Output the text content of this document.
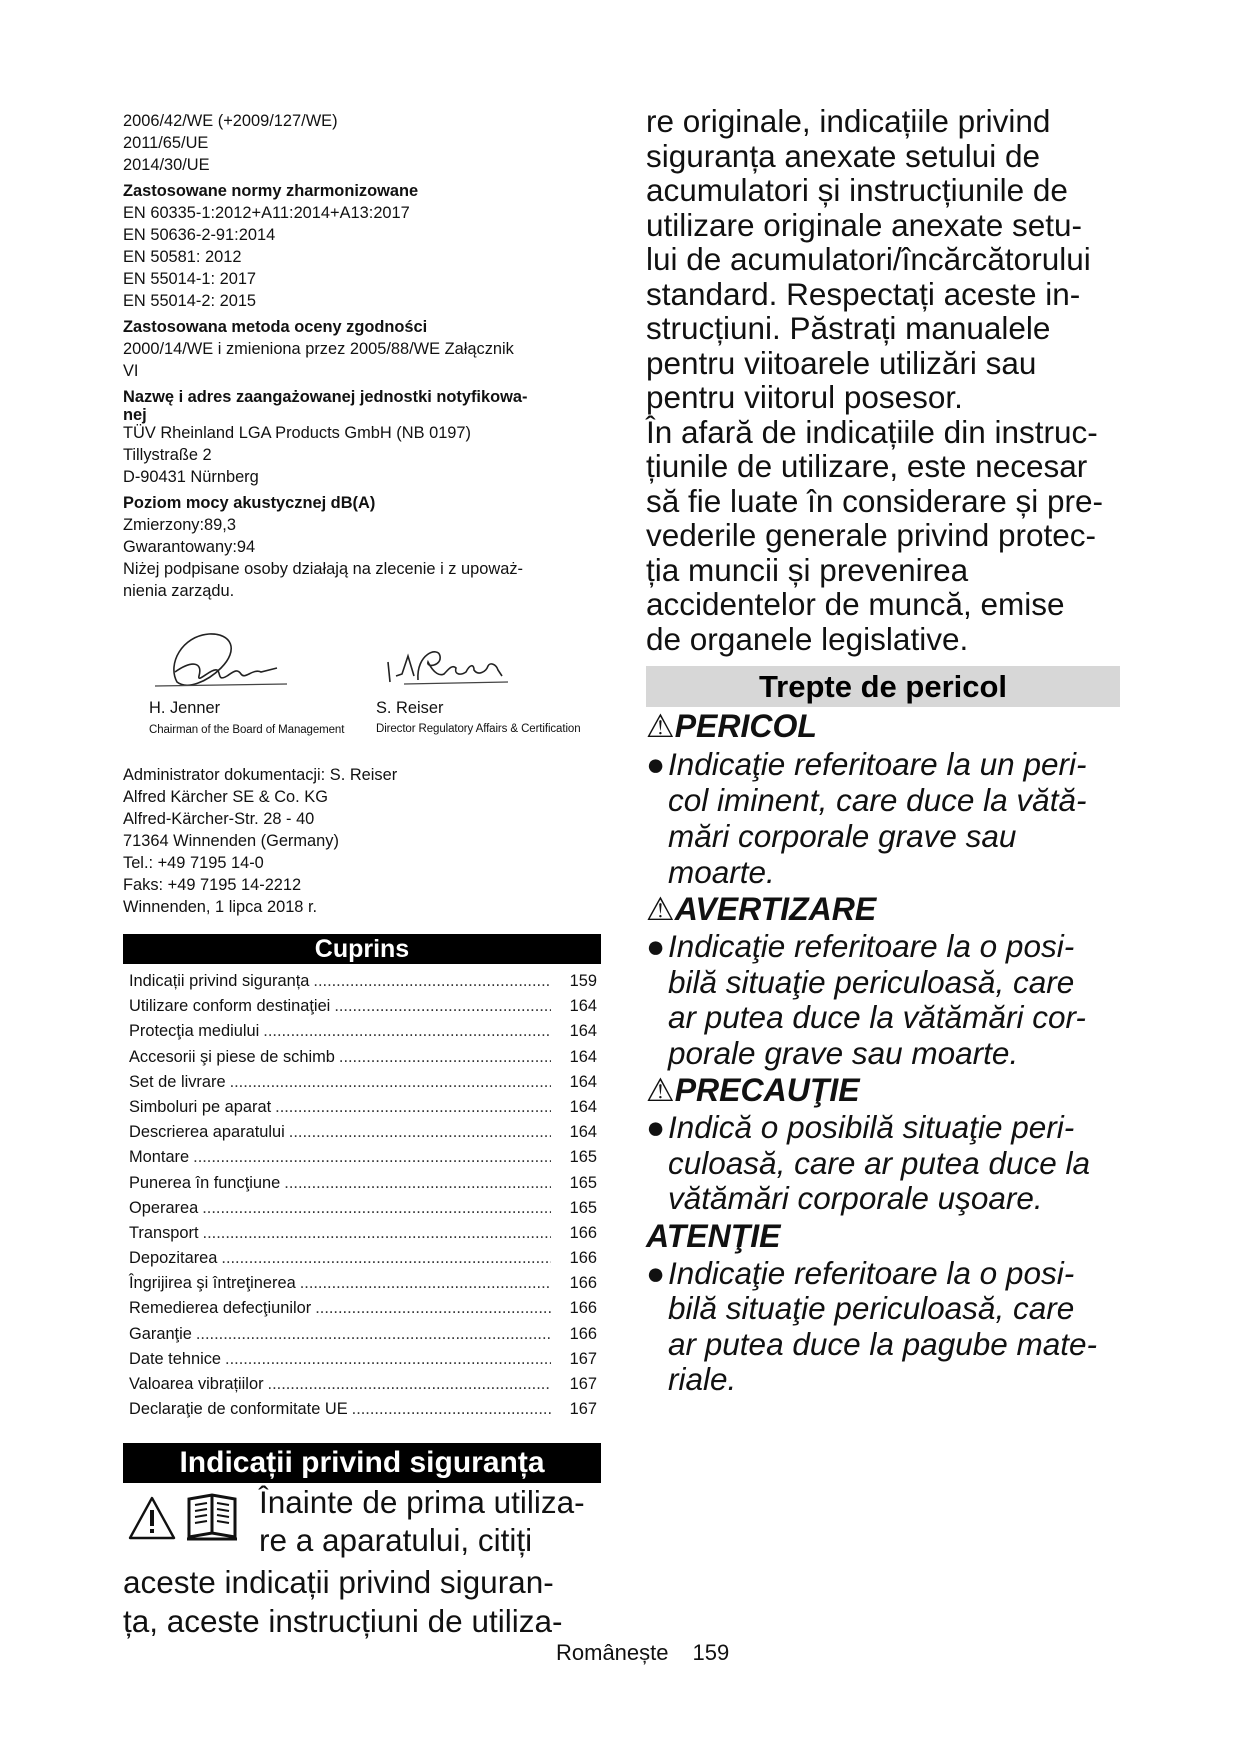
2006/42/WE (+2009/127/WE)

2011/65/UE

2014/30/UE

Zastosowane normy zharmonizowane

EN 60335-1:2012+A11:2014+A13:2017

EN 50636-2-91:2014

EN 50581: 2012

EN 55014-1: 2017

EN 55014-2: 2015

Zastosowana metoda oceny zgodności

2000/14/WE i zmieniona przez 2005/88/WE Załącznik

VI

Nazwę i adres zaangażowanej jednostki notyfikowa-

nej

TÜV Rheinland LGA Products GmbH (NB 0197)

Tillystraße 2

D-90431 Nürnberg

Poziom mocy akustycznej dB(A)

Zmierzony:89,3

Gwarantowany:94

Niżej podpisane osoby działają na zlecenie i z upoważ-

nienia zarządu.

H. Jenner
Chairman of the Board of Management
S. Reiser
Director Regulatory Affairs & Certification

Administrator dokumentacji: S. Reiser

Alfred Kärcher SE & Co. KG

Alfred-Kärcher-Str. 28 - 40

71364 Winnenden (Germany)

Tel.: +49 7195 14-0

Faks: +49 7195 14-2212

Winnenden, 1 lipca 2018 r.

Cuprins
Indicații privind siguranța .....	159
Utilizare conform destinaţiei .....	164
Protecţia mediului .....	164
Accesorii şi piese de schimb .....	164
Set de livrare .....	164
Simboluri pe aparat .....	164
Descrierea aparatului .....	164
Montare .....	165
Punerea în funcţiune .....	165
Operarea .....	165
Transport .....	166
Depozitarea .....	166
Îngrijirea şi întreţinerea .....	166
Remedierea defecţiunilor .....	166
Garanţie .....	166
Date tehnice .....	167
Valoarea vibrațiilor .....	167
Declaraţie de conformitate UE .....	167
Indicații privind siguranța

Înainte de prima utiliza-

re a aparatului, citiți

aceste indicații privind siguran-

ța, aceste instrucțiuni de utiliza-

re originale, indicațiile privind

siguranța anexate setului de

acumulatori și instrucțiunile de

utilizare originale anexate setu-

lui de acumulatori/încărcătorului

standard. Respectați aceste in-

strucțiuni. Păstrați manualele

pentru viitoarele utilizări sau

pentru viitorul posesor.

În afară de indicațiile din instruc-

țiunile de utilizare, este necesar

să fie luate în considerare și pre-

vederile generale privind protec-

ția muncii și prevenirea

accidentelor de muncă, emise

de organele legislative.

Trepte de pericol

⚠PERICOL

● Indicaţie referitoare la un peri-

col iminent, care duce la vătă-

mări corporale grave sau

moarte.

⚠AVERTIZARE

● Indicaţie referitoare la o posi-

bilă situaţie periculoasă, care

ar putea duce la vătămări cor-

porale grave sau moarte.

⚠PRECAUŢIE

● Indică o posibilă situaţie peri-

culoasă, care ar putea duce la

vătămări corporale uşoare.

ATENŢIE

● Indicaţie referitoare la o posi-

bilă situaţie periculoasă, care

ar putea duce la pagube mate-

riale.

Românește 159
